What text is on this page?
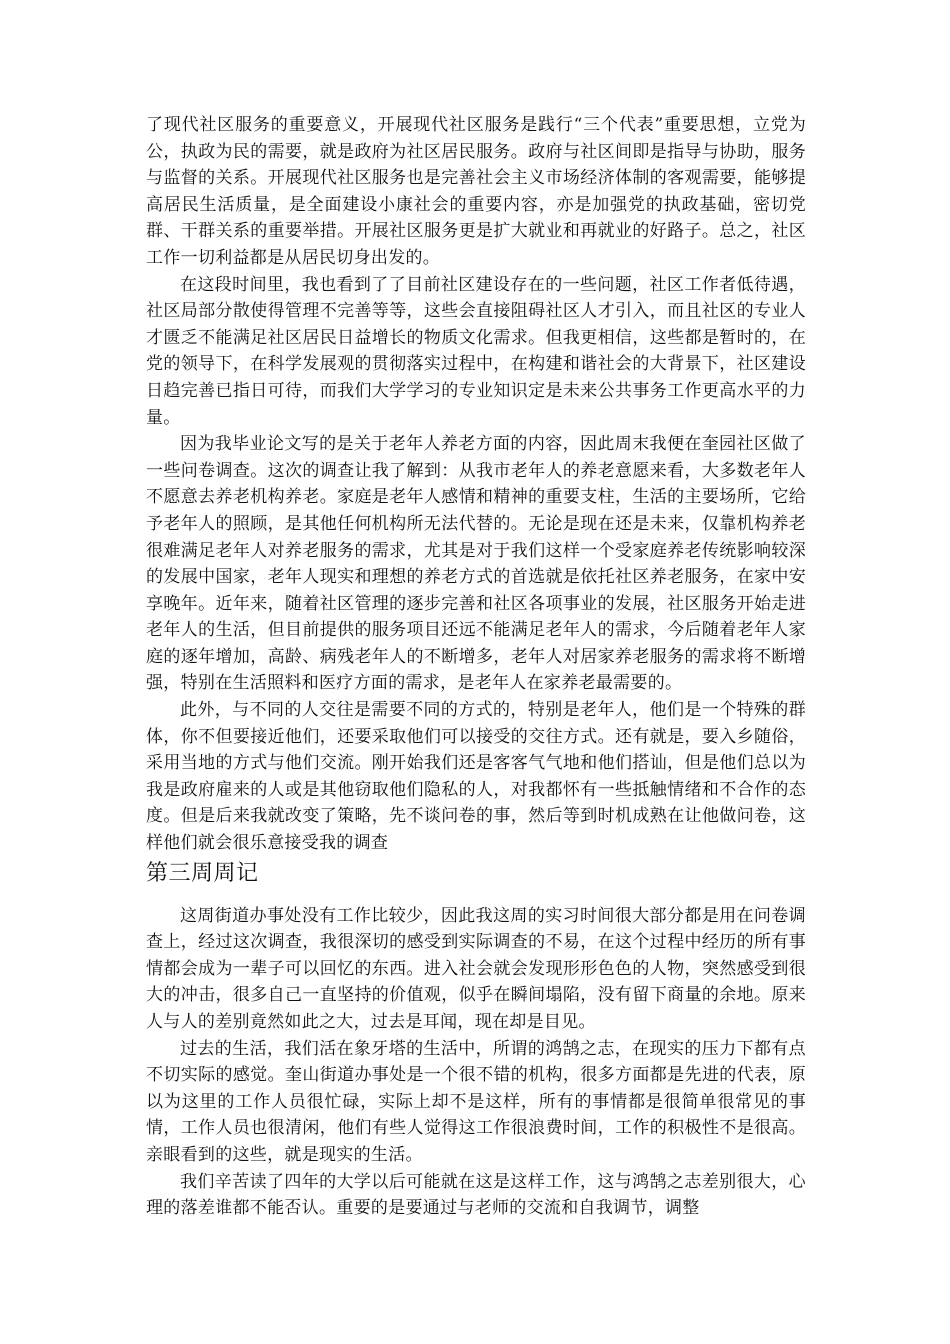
了现代社区服务的重要意义，开展现代社区服务是践行“三个代表”重要思想，立党为公，执政为民的需要，就是政府为社区居民服务。政府与社区间即是指导与协助，服务与监督的关系。开展现代社区服务也是完善社会主义市场经济体制的客观需要，能够提高居民生活质量，是全面建设小康社会的重要内容，亦是加强党的执政基础，密切党群、干群关系的重要举措。开展社区服务更是扩大就业和再就业的好路子。总之，社区工作一切利益都是从居民切身出发的。

在这段时间里，我也看到了了目前社区建设存在的一些问题，社区工作者低待遇，社区局部分散使得管理不完善等等，这些会直接阻碍社区人才引入，而且社区的专业人才匮乏不能满足社区居民日益增长的物质文化需求。但我更相信，这些都是暂时的，在党的领导下，在科学发展观的贯彻落实过程中，在构建和谐社会的大背景下，社区建设日趋完善已指日可待，而我们大学学习的专业知识定是未来公共事务工作更高水平的力量。

因为我毕业论文写的是关于老年人养老方面的内容，因此周末我便在奎园社区做了一些问卷调查。这次的调查让我了解到：从我市老年人的养老意愿来看，大多数老年人不愿意去养老机构养老。家庭是老年人感情和精神的重要支柱，生活的主要场所，它给予老年人的照顾，是其他任何机构所无法代替的。无论是现在还是未来，仅靠机构养老很难满足老年人对养老服务的需求，尤其是对于我们这样一个受家庭养老传统影响较深的发展中国家，老年人现实和理想的养老方式的首选就是依托社区养老服务，在家中安享晚年。近年来，随着社区管理的逐步完善和社区各项事业的发展，社区服务开始走进老年人的生活，但目前提供的服务项目还远不能满足老年人的需求，今后随着老年人家庭的逐年增加，高龄、病残老年人的不断增多，老年人对居家养老服务的需求将不断增强，特别在生活照料和医疗方面的需求，是老年人在家养老最需要的。

此外，与不同的人交往是需要不同的方式的，特别是老年人，他们是一个特殊的群体，你不但要接近他们，还要采取他们可以接受的交往方式。还有就是，要入乡随俗，采用当地的方式与他们交流。刚开始我们还是客客气气地和他们搭讪，但是他们总以为我是政府雇来的人或是其他窃取他们隐私的人，对我都怀有一些抵触情绪和不合作的态度。但是后来我就改变了策略，先不谈问卷的事，然后等到时机成熟在让他做问卷，这样他们就会很乐意接受我的调查

第三周周记

这周街道办事处没有工作比较少，因此我这周的实习时间很大部分都是用在问卷调查上，经过这次调查，我很深切的感受到实际调查的不易，在这个过程中经历的所有事情都会成为一辈子可以回忆的东西。进入社会就会发现形形色色的人物，突然感受到很大的冲击，很多自己一直坚持的价值观，似乎在瞬间塌陷，没有留下商量的余地。原来人与人的差别竟然如此之大，过去是耳闻，现在却是目见。

过去的生活，我们活在象牙塔的生活中，所谓的鸿鹄之志，在现实的压力下都有点不切实际的感觉。奎山街道办事处是一个很不错的机构，很多方面都是先进的代表，原以为这里的工作人员很忙碌，实际上却不是这样，所有的事情都是很简单很常见的事情，工作人员也很清闲，他们有些人觉得这工作很浪费时间，工作的积极性不是很高。亲眼看到的这些，就是现实的生活。

我们辛苦读了四年的大学以后可能就在这是这样工作，这与鸿鹄之志差别很大，心理的落差谁都不能否认。重要的是要通过与老师的交流和自我调节，调整
